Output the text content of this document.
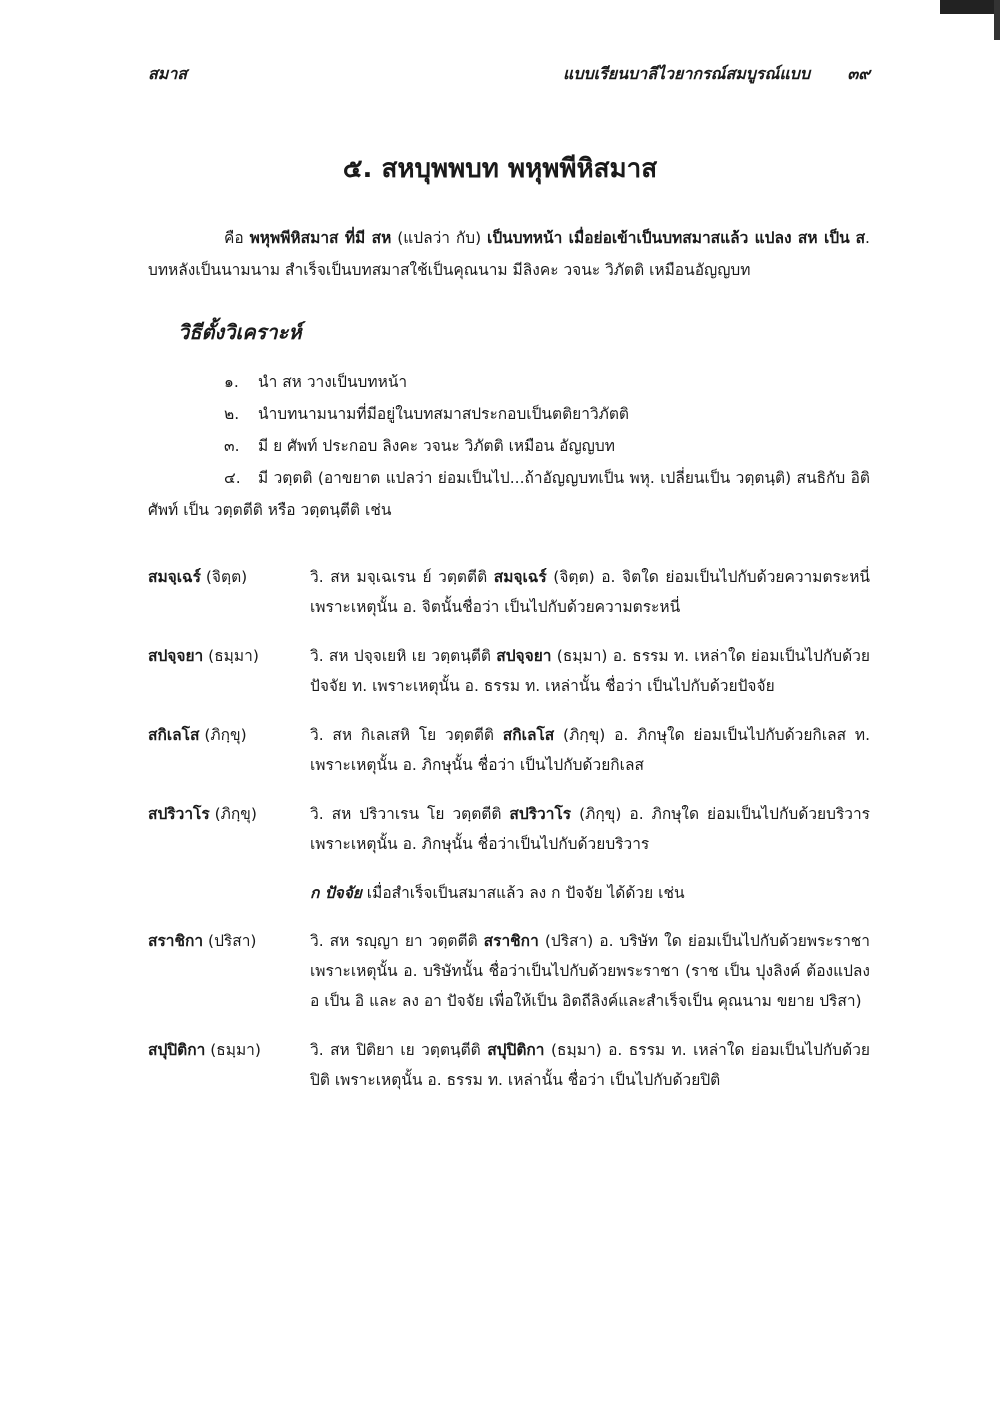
สมาส	แบบเรียนบาลีไวยากรณ์สมบูรณ์แบบ ๓๙
๕. สหบุพพบท พหุพพีหิสมาส
คือ พหุพพีหิสมาส ที่มี สห (แปลว่า กับ) เป็นบทหน้า เมื่อย่อเข้าเป็นบทสมาสแล้ว แปลง สห เป็น ส. บทหลังเป็นนามนาม สำเร็จเป็นบทสมาสใช้เป็นคุณนาม มีลิงคะ วจนะ วิภัตติ เหมือนอัญญบท
วิธีตั้งวิเคราะห์
๑.	นำ สห วางเป็นบทหน้า
๒.	นำบทนามนามที่มีอยู่ในบทสมาสประกอบเป็นตติยาวิภัตติ
๓.	มี ย ศัพท์ ประกอบ ลิงคะ วจนะ วิภัตติ เหมือน อัญญบท
๔. มี วตฺตติ (อาขยาต แปลว่า ย่อมเป็นไป...ถ้าอัญญบทเป็น พหุ. เปลี่ยนเป็น วตฺตนฺติ) สนธิกับ อิติ ศัพท์ เป็น วตฺตตีติ หรือ วตฺตนฺตีติ เช่น
สมจฺเฉร์ (จิตฺต)	วิ. สห มจฺเฉเรน ย์ วตฺตตีติ สมจฺเฉร์ (จิตฺต) อ. จิตใด ย่อมเป็นไปกับด้วยความตระหนี่ เพราะเหตุนั้น อ. จิตนั้นชื่อว่า เป็นไปกับด้วยความตระหนี่
สปจฺจยา (ธมฺมา)	วิ. สห ปจฺจเยหิ เย วตฺตนฺตีติ สปจฺจยา (ธมฺมา) อ. ธรรม ท. เหล่าใด ย่อมเป็นไปกับด้วยปัจจัย ท. เพราะเหตุนั้น อ. ธรรม ท. เหล่านั้น ชื่อว่า เป็นไปกับด้วยปัจจัย
สกิเลโส (ภิกฺขุ)	วิ. สห กิเลเสหิ โย วตฺตตีติ สกิเลโส (ภิกฺขุ) อ. ภิกษุใด ย่อมเป็นไปกับด้วยกิเลส ท. เพราะเหตุนั้น อ. ภิกษุนั้น ชื่อว่า เป็นไปกับด้วยกิเลส
สปริวาโร (ภิกฺขุ)	วิ. สห ปริวาเรน โย วตฺตตีติ สปริวาโร (ภิกฺขุ) อ. ภิกษุใด ย่อมเป็นไปกับด้วยบริวาร เพราะเหตุนั้น อ. ภิกษุนั้น ชื่อว่าเป็นไปกับด้วยบริวาร
ก ปัจจัย เมื่อสำเร็จเป็นสมาสแล้ว ลง ก ปัจจัย ได้ด้วย เช่น
สราชิกา (ปริสา)	วิ. สห รญฺญา ยา วตฺตตีติ สราชิกา (ปริสา) อ. บริษัท ใด ย่อมเป็นไปกับด้วยพระราชา เพราะเหตุนั้น อ. บริษัทนั้น ชื่อว่าเป็นไปกับด้วยพระราชา (ราช เป็น ปุงลิงค์ ต้องแปลง อ เป็น อิ และ ลง อา ปัจจัย เพื่อให้เป็น อิตถีลิงค์และสำเร็จเป็น คุณนาม ขยาย ปริสา)
สปุปิติกา (ธมฺมา)	วิ. สห ปิติยา เย วตฺตนฺตีติ สปุปิติกา (ธมฺมา) อ. ธรรม ท. เหล่าใด ย่อมเป็นไปกับด้วย ปิติ เพราะเหตุนั้น อ. ธรรม ท. เหล่านั้น ชื่อว่า เป็นไปกับด้วยปิติ
